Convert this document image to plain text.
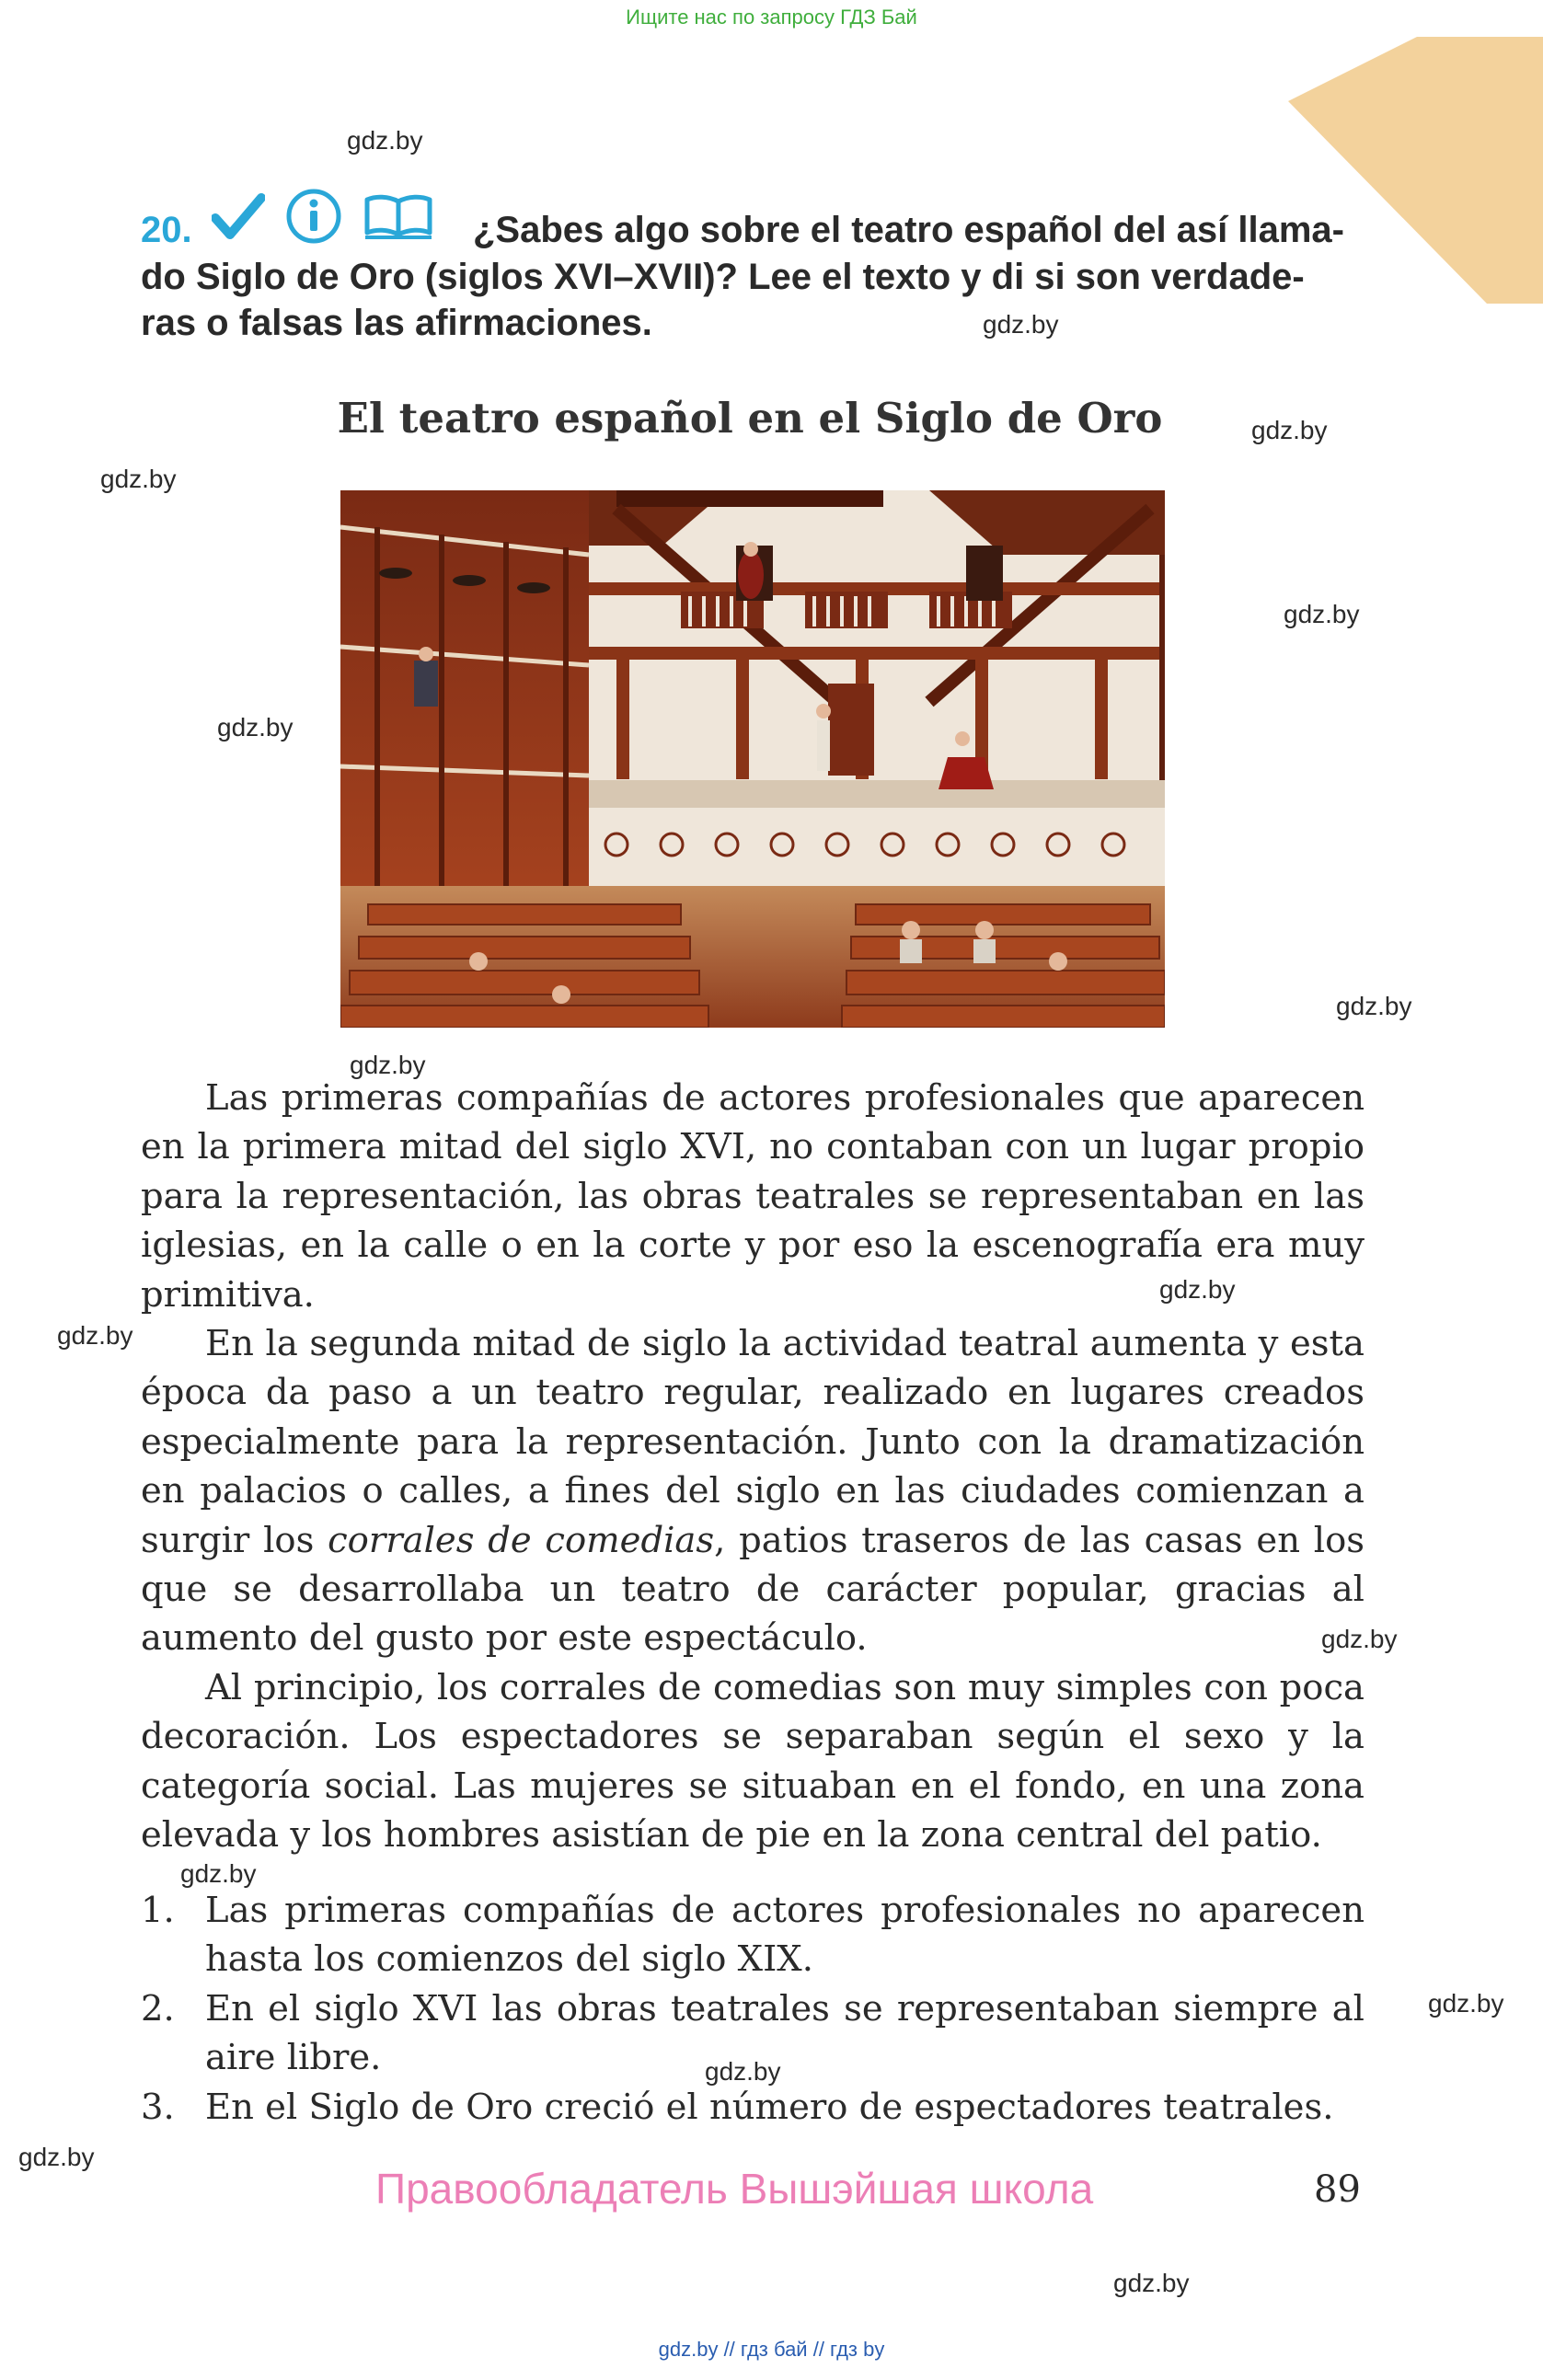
Ищите нас по запросу ГДЗ Бай
gdz.by
gdz.by
gdz.by
gdz.by
gdz.by
gdz.by
gdz.by
gdz.by
gdz.by
gdz.by
gdz.by
gdz.by
gdz.by
gdz.by
gdz.by
gdz.by
20.	¿Sabes algo sobre el teatro español del así llama-
do Siglo de Oro (siglos XVI–XVII)? Lee el texto y di si son verdade-
ras o falsas las afirmaciones.
El teatro español en el Siglo de Oro

Las primeras compañías de actores profesionales que aparecen en la primera mitad del siglo XVI, no contaban con un lugar propio para la representación, las obras teatrales se representaban en las iglesias, en la calle o en la corte y por eso la escenografía era muy primitiva.

En la segunda mitad de siglo la actividad teatral aumenta y esta época da paso a un teatro regular, realizado en lugares creados especialmente para la representación. Junto con la dramatización en palacios o calles, a fines del siglo en las ciudades comienzan a surgir los corrales de comedias, patios traseros de las casas en los que se desarrollaba un teatro de carácter popular, gracias al aumento del gusto por este espectáculo.

Al principio, los corrales de comedias son muy simples con poca decoración. Los espectadores se separaban según el sexo y la categoría social. Las mujeres se situaban en el fondo, en una zona elevada y los hombres asistían de pie en la zona central del patio.

1. Las primeras compañías de actores profesionales no aparecen hasta los comienzos del siglo XIX.
2. En el siglo XVI las obras teatrales se representaban siempre al aire libre.
3. En el Siglo de Oro creció el número de espectadores teatrales.
Правообладатель Вышэйшая школа	89
gdz.by // гдз бай // гдз by
